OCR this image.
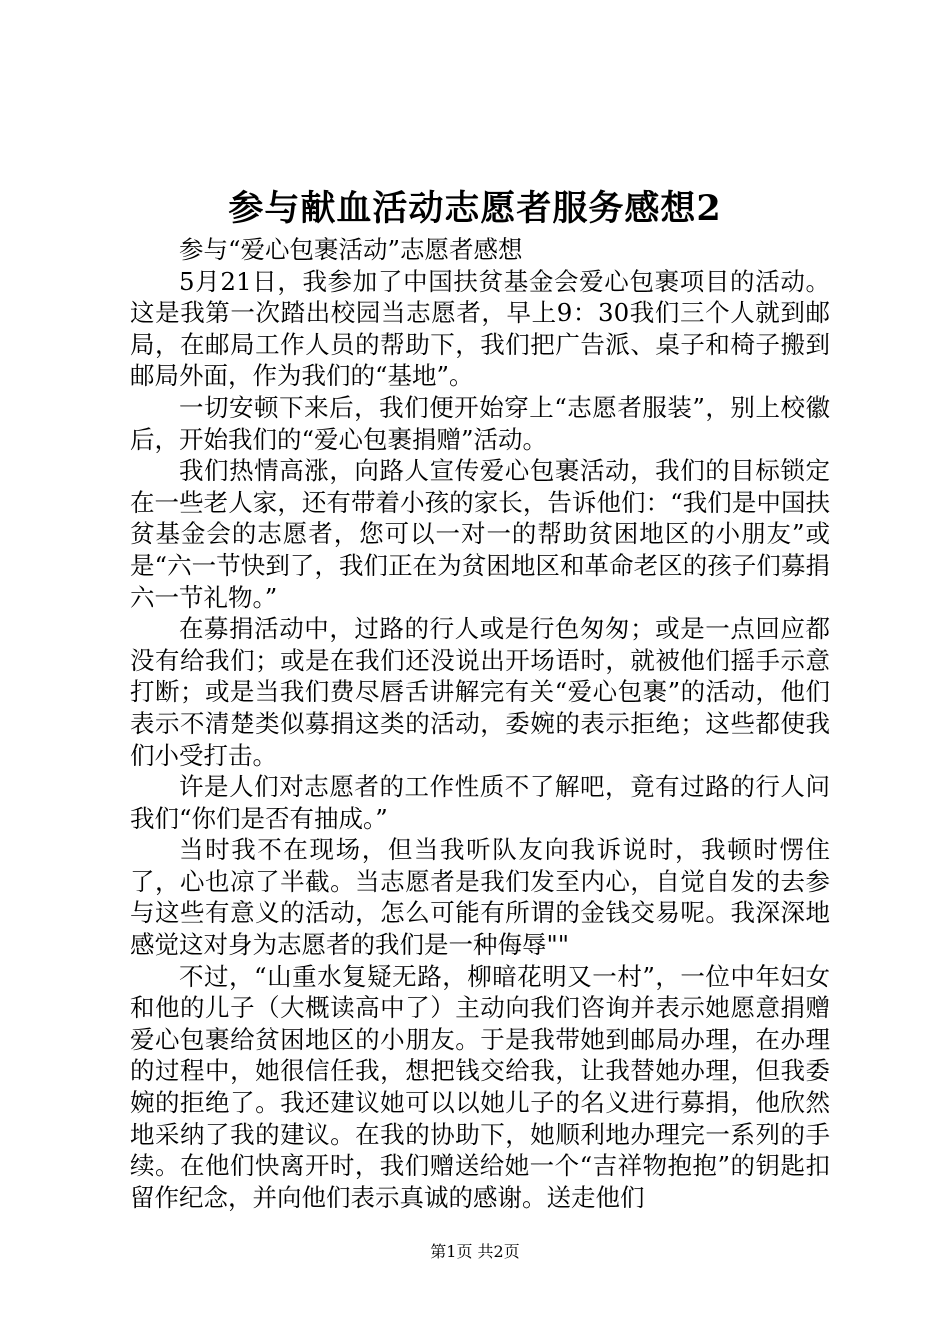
参与献血活动志愿者服务感想2

参与“爱心包裹活动”志愿者感想

5月21日，我参加了中国扶贫基金会爱心包裹项目的活动。这是我第一次踏出校园当志愿者，早上9：30我们三个人就到邮局，在邮局工作人员的帮助下，我们把广告派、桌子和椅子搬到邮局外面，作为我们的“基地”。

一切安顿下来后，我们便开始穿上“志愿者服装”，别上校徽后，开始我们的“爱心包裹捐赠”活动。

我们热情高涨，向路人宣传爱心包裹活动，我们的目标锁定在一些老人家，还有带着小孩的家长，告诉他们：“我们是中国扶贫基金会的志愿者，您可以一对一的帮助贫困地区的小朋友”或是“六一节快到了，我们正在为贫困地区和革命老区的孩子们募捐六一节礼物。”

在募捐活动中，过路的行人或是行色匆匆；或是一点回应都没有给我们；或是在我们还没说出开场语时，就被他们摇手示意打断；或是当我们费尽唇舌讲解完有关“爱心包裹”的活动，他们表示不清楚类似募捐这类的活动，委婉的表示拒绝；这些都使我们小受打击。

许是人们对志愿者的工作性质不了解吧，竟有过路的行人问我们“你们是否有抽成。”

当时我不在现场，但当我听队友向我诉说时，我顿时愣住了，心也凉了半截。当志愿者是我们发至内心，自觉自发的去参与这些有意义的活动，怎么可能有所谓的金钱交易呢。我深深地感觉这对身为志愿者的我们是一种侮辱""

不过，“山重水复疑无路，柳暗花明又一村”，一位中年妇女和他的儿子（大概读高中了）主动向我们咨询并表示她愿意捐赠爱心包裹给贫困地区的小朋友。于是我带她到邮局办理，在办理的过程中，她很信任我，想把钱交给我，让我替她办理，但我委婉的拒绝了。我还建议她可以以她儿子的名义进行募捐，他欣然地采纳了我的建议。在我的协助下，她顺利地办理完一系列的手续。在他们快离开时，我们赠送给她一个“吉祥物抱抱”的钥匙扣留作纪念，并向他们表示真诚的感谢。送走他们

第1页 共2页
